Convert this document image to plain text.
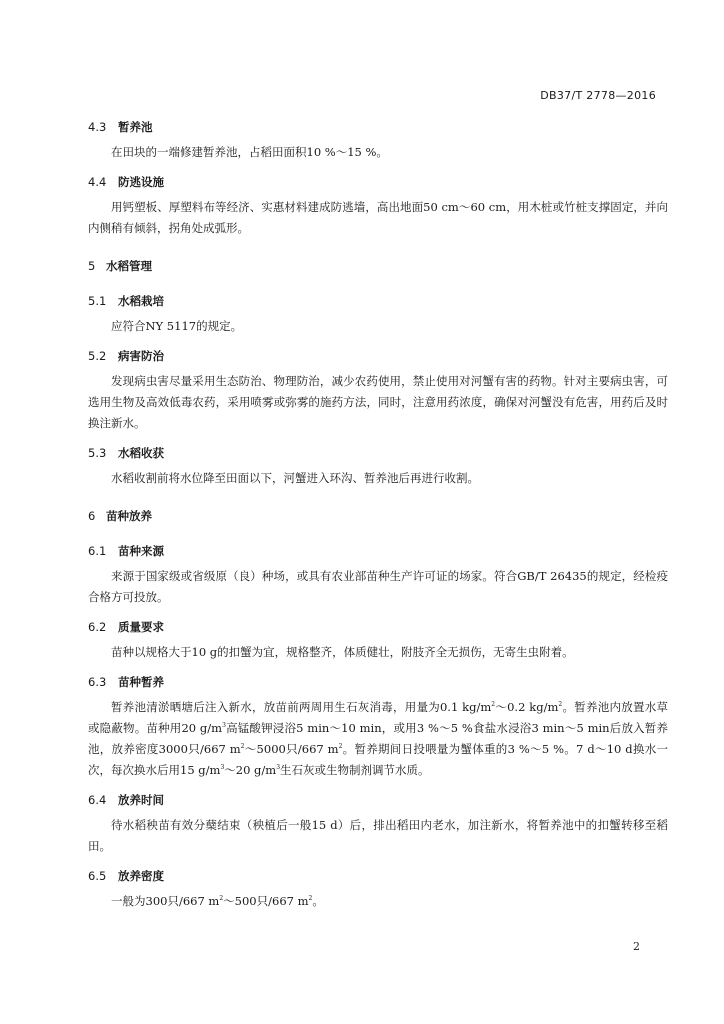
DB37/T 2778—2016
4.3 暂养池

在田块的一端修建暂养池，占稻田面积10 %～15 %。

4.4 防逃设施

用钙塑板、厚塑料布等经济、实惠材料建成防逃墙，高出地面50 cm～60 cm，用木桩或竹桩支撑固定，并向内侧稍有倾斜，拐角处成弧形。

5 水稻管理
5.1 水稻栽培

应符合NY 5117的规定。

5.2 病害防治

发现病虫害尽量采用生态防治、物理防治，减少农药使用，禁止使用对河蟹有害的药物。针对主要病虫害，可选用生物及高效低毒农药，采用喷雾或弥雾的施药方法，同时，注意用药浓度，确保对河蟹没有危害，用药后及时换注新水。

5.3 水稻收获

水稻收割前将水位降至田面以下，河蟹进入环沟、暂养池后再进行收割。

6 苗种放养
6.1 苗种来源

来源于国家级或省级原（良）种场，或具有农业部苗种生产许可证的场家。符合GB/T 26435的规定，经检疫合格方可投放。

6.2 质量要求

苗种以规格大于10 g的扣蟹为宜，规格整齐，体质健壮，附肢齐全无损伤，无寄生虫附着。

6.3 苗种暂养

暂养池清淤晒塘后注入新水，放苗前两周用生石灰消毒，用量为0.1 $kg/m^2\sim 0.2$ $kg/m^2$。暂养池内放置水草或隐蔽物。苗种用20 $g/m^3$高锰酸钾浸浴5 min～10 min，或用3 %～5 %食盐水浸浴3 min～5 min后放入暂养池，放养密度3000只/667 $m^2\sim 5000$只/667 $m^2$。暂养期间日投喂量为蟹体重的3 %～5 %。7 d～10 d换水一次，每次换水后用15 $g/m^3\sim 20$ $g/m^3$生石灰或生物制剂调节水质。

6.4 放养时间

待水稻秧苗有效分蘖结束（秧植后一般15 d）后，排出稻田内老水，加注新水，将暂养池中的扣蟹转移至稻田。

6.5 放养密度

一般为300只/667 $m^2\sim 500$只/667 $m^2$。

2
